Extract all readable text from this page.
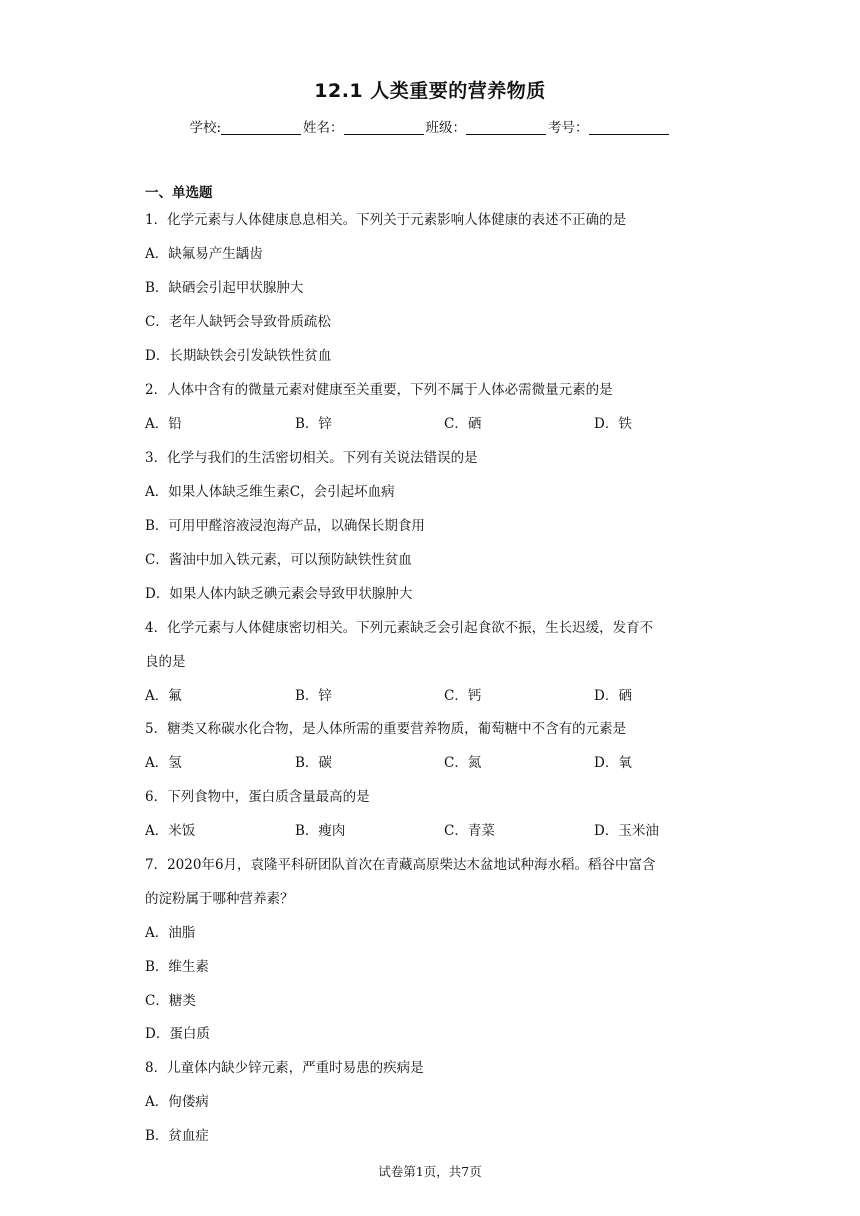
12.1 人类重要的营养物质
学校:	姓名：	班级：	考号：
一、单选题
1．化学元素与人体健康息息相关。下列关于元素影响人体健康的表述不正确的是
A．缺氟易产生龋齿
B．缺硒会引起甲状腺肿大
C．老年人缺钙会导致骨质疏松
D．长期缺铁会引发缺铁性贫血
2．人体中含有的微量元素对健康至关重要，下列不属于人体必需微量元素的是
A．铅	B．锌	C．硒	D．铁
3．化学与我们的生活密切相关。下列有关说法错误的是
A．如果人体缺乏维生素C，会引起坏血病
B．可用甲醛溶液浸泡海产品，以确保长期食用
C．酱油中加入铁元素，可以预防缺铁性贫血
D．如果人体内缺乏碘元素会导致甲状腺肿大
4．化学元素与人体健康密切相关。下列元素缺乏会引起食欲不振，生长迟缓，发育不
良的是
A．氟	B．锌	C．钙	D．硒
5．糖类又称碳水化合物，是人体所需的重要营养物质，葡萄糖中不含有的元素是
A．氢	B．碳	C．氮	D．氧
6．下列食物中，蛋白质含量最高的是
A．米饭	B．瘦肉	C．青菜	D．玉米油
7．2020年6月，袁隆平科研团队首次在青藏高原柴达木盆地试种海水稻。稻谷中富含
的淀粉属于哪种营养素？
A．油脂
B．维生素
C．糖类
D．蛋白质
8．儿童体内缺少锌元素，严重时易患的疾病是
A．佝偻病
B．贫血症
试卷第1页，共7页
